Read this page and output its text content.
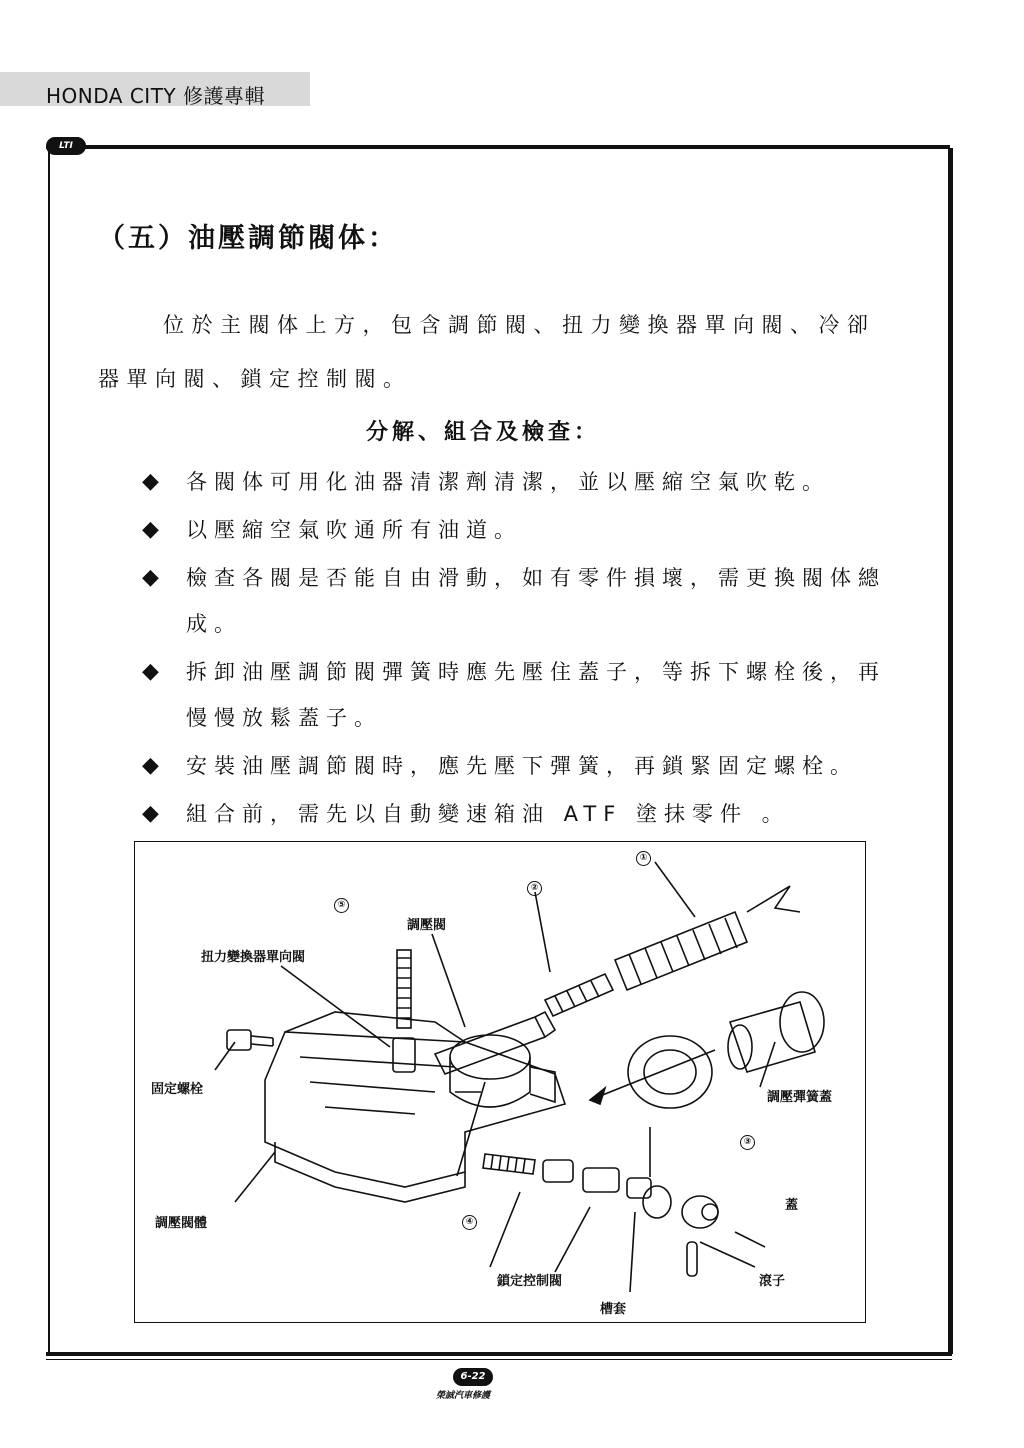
HONDA CITY 修護專輯
LTI
（五）油壓調節閥体：
位於主閥体上方，包含調節閥、扭力變換器單向閥、冷卻器單向閥、鎖定控制閥。
分解、組合及檢查：
◆ 各閥体可用化油器清潔劑清潔，並以壓縮空氣吹乾。
◆ 以壓縮空氣吹通所有油道。
◆ 檢查各閥是否能自由滑動，如有零件損壞，需更換閥体總成。
◆ 拆卸油壓調節閥彈簧時應先壓住蓋子，等拆下螺栓後，再慢慢放鬆蓋子。
◆ 安裝油壓調節閥時，應先壓下彈簧，再鎖緊固定螺栓。
◆ 組合前，需先以自動變速箱油 ATF 塗抹零件 。
①
②
③
④
⑤
調壓閥
扭力變換器單向閥
固定螺栓
調壓閥體
調壓彈簧蓋
蓋
鎖定控制閥	滾子
槽套
6-22
榮誠汽車修護
